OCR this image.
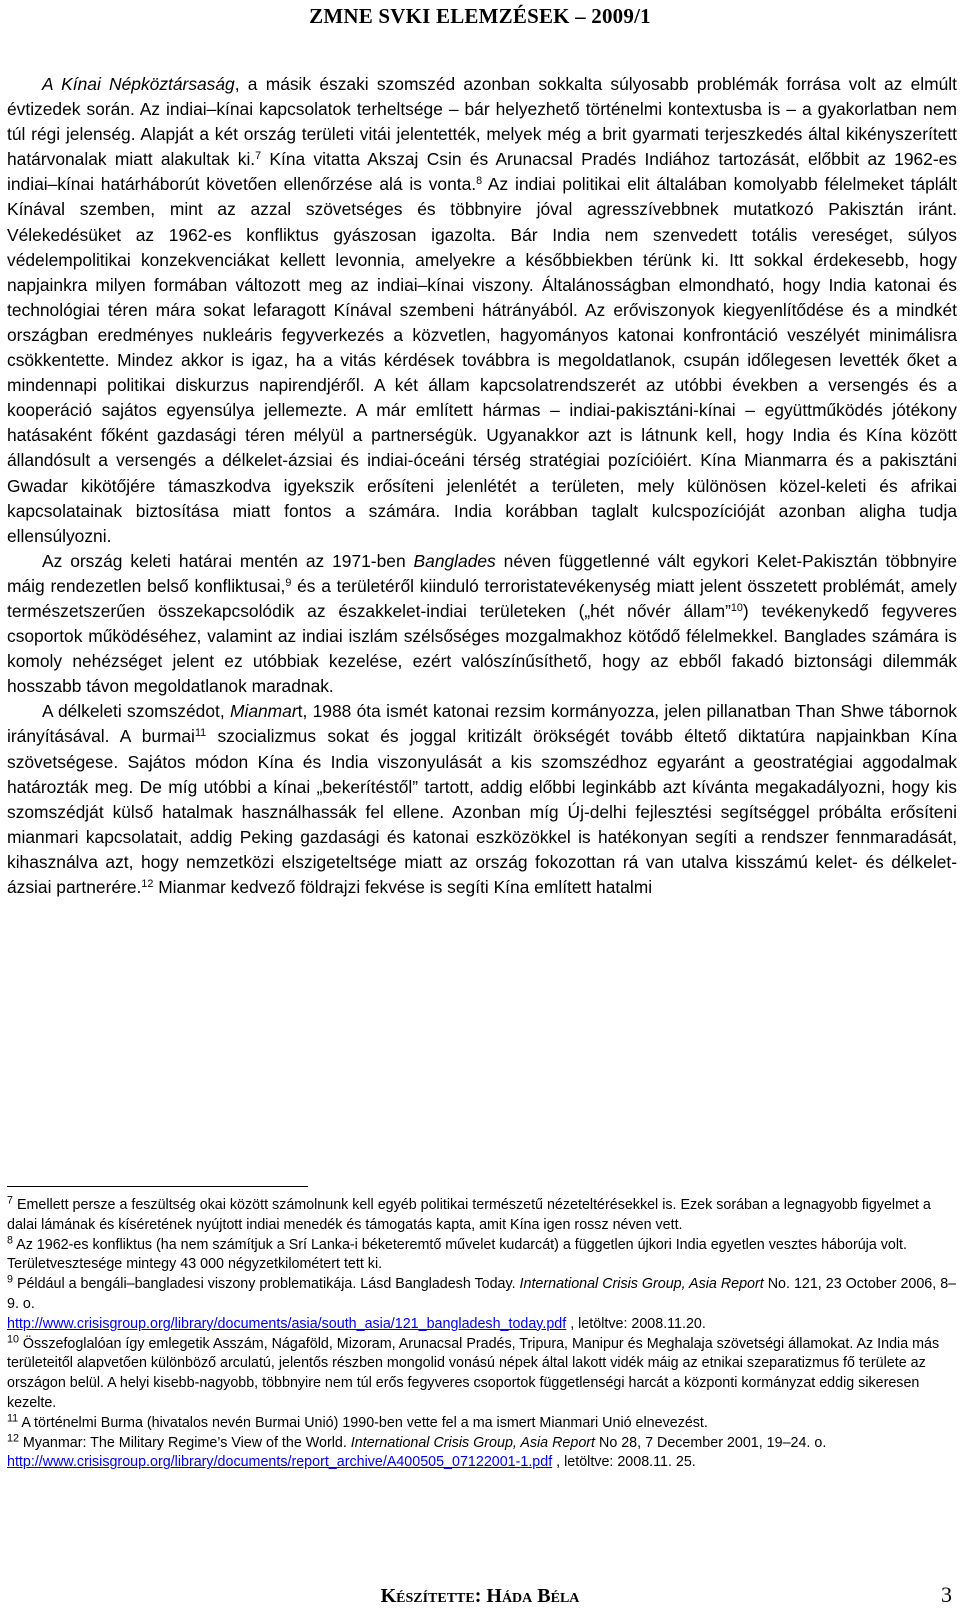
ZMNE SVKI ELEMZÉSEK – 2009/1

A Kínai Népköztársaság, a másik északi szomszéd azonban sokkalta súlyosabb problémák forrása volt az elmúlt évtizedek során. Az indiai–kínai kapcsolatok terheltsége – bár helyezhető történelmi kontextusba is – a gyakorlatban nem túl régi jelenség. Alapját a két ország területi vitái jelentették, melyek még a brit gyarmati terjeszkedés által kikényszerített határvonalak miatt alakultak ki.$^7$ Kína vitatta Akszaj Csin és Arunacsal Pradés Indiához tartozását, előbbit az 1962-es indiai–kínai határháborút követően ellenőrzése alá is vonta.$^8$ Az indiai politikai elit általában komolyabb félelmeket táplált Kínával szemben, mint az azzal szövetséges és többnyire jóval agresszívebbnek mutatkozó Pakisztán iránt. Vélekedésüket az 1962-es konfliktus gyászosan igazolta. Bár India nem szenvedett totális vereséget, súlyos védelempolitikai konzekvenciákat kellett levonnia, amelyekre a későbbiekben térünk ki. Itt sokkal érdekesebb, hogy napjainkra milyen formában változott meg az indiai–kínai viszony. Általánosságban elmondható, hogy India katonai és technológiai téren mára sokat lefaragott Kínával szembeni hátrányából. Az erőviszonyok kiegyenlítődése és a mindkét országban eredményes nukleáris fegyverkezés a közvetlen, hagyományos katonai konfrontáció veszélyét minimálisra csökkentette. Mindez akkor is igaz, ha a vitás kérdések továbbra is megoldatlanok, csupán időlegesen levették őket a mindennapi politikai diskurzus napirendjéről. A két állam kapcsolatrendszerét az utóbbi években a versengés és a kooperáció sajátos egyensúlya jellemezte. A már említett hármas – indiai-pakisztáni-kínai – együttműködés jótékony hatásaként főként gazdasági téren mélyül a partnerségük. Ugyanakkor azt is látnunk kell, hogy India és Kína között állandósult a versengés a délkelet-ázsiai és indiai-óceáni térség stratégiai pozícióiért. Kína Mianmarra és a pakisztáni Gwadar kikötőjére támaszkodva igyekszik erősíteni jelenlétét a területen, mely különösen közel-keleti és afrikai kapcsolatainak biztosítása miatt fontos a számára. India korábban taglalt kulcspozícióját azonban aligha tudja ellensúlyozni.

Az ország keleti határai mentén az 1971-ben Banglades néven függetlenné vált egykori Kelet-Pakisztán többnyire máig rendezetlen belső konfliktusai,$^9$ és a területéről kiinduló terroristatevékenység miatt jelent összetett problémát, amely természetszerűen összekapcsolódik az északkelet-indiai területeken („hét nővér állam”$^{10}$) tevékenykedő fegyveres csoportok működéséhez, valamint az indiai iszlám szélsőséges mozgalmakhoz kötődő félelmekkel. Banglades számára is komoly nehézséget jelent ez utóbbiak kezelése, ezért valószínűsíthető, hogy az ebből fakadó biztonsági dilemmák hosszabb távon megoldatlanok maradnak.

A délkeleti szomszédot, Mianmart, 1988 óta ismét katonai rezsim kormányozza, jelen pillanatban Than Shwe tábornok irányításával. A burmai$^{11}$ szocializmus sokat és joggal kritizált örökségét tovább éltető diktatúra napjainkban Kína szövetségese. Sajátos módon Kína és India viszonyulását a kis szomszédhoz egyaránt a geostratégiai aggodalmak határozták meg. De míg utóbbi a kínai „bekerítéstől” tartott, addig előbbi leginkább azt kívánta megakadályozni, hogy kis szomszédját külső hatalmak használhassák fel ellene. Azonban míg Új-delhi fejlesztési segítséggel próbálta erősíteni mianmari kapcsolatait, addig Peking gazdasági és katonai eszközökkel is hatékonyan segíti a rendszer fennmaradását, kihasználva azt, hogy nemzetközi elszigeteltsége miatt az ország fokozottan rá van utalva kisszámú kelet- és délkelet-ázsiai partnerére.$^{12}$ Mianmar kedvező földrajzi fekvése is segíti Kína említett hatalmi

$^7$ Emellett persze a feszültség okai között számolnunk kell egyéb politikai természetű nézeteltérésekkel is. Ezek sorában a legnagyobb figyelmet a dalai lámának és kíséretének nyújtott indiai menedék és támogatás kapta, amit Kína igen rossz néven vett.

$^8$ Az 1962-es konfliktus (ha nem számítjuk a Srí Lanka-i béketeremtő művelet kudarcát) a független újkori India egyetlen vesztes háborúja volt. Területvesztesége mintegy 43 000 négyzetkilométert tett ki.

$^9$ Például a bengáli–bangladesi viszony problematikája. Lásd Bangladesh Today. International Crisis Group, Asia Report No. 121, 23 October 2006, 8–9. o.
http://www.crisisgroup.org/library/documents/asia/south_asia/121_bangladesh_today.pdf , letöltve: 2008.11.20.

$^{10}$ Összefoglalóan így emlegetik Asszám, Nágaföld, Mizoram, Arunacsal Pradés, Tripura, Manipur és Meghalaja szövetségi államokat. Az India más területeitől alapvetően különböző arculatú, jelentős részben mongolid vonású népek által lakott vidék máig az etnikai szeparatizmus fő területe az országon belül. A helyi kisebb-nagyobb, többnyire nem túl erős fegyveres csoportok függetlenségi harcát a központi kormányzat eddig sikeresen kezelte.

$^{11}$ A történelmi Burma (hivatalos nevén Burmai Unió) 1990-ben vette fel a ma ismert Mianmari Unió elnevezést.

$^{12}$ Myanmar: The Military Regime’s View of the World. International Crisis Group, Asia Report No 28, 7 December 2001, 19–24. o. http://www.crisisgroup.org/library/documents/report_archive/A400505_07122001-1.pdf , letöltve: 2008.11. 25.

Készítette: Háda Béla	3
